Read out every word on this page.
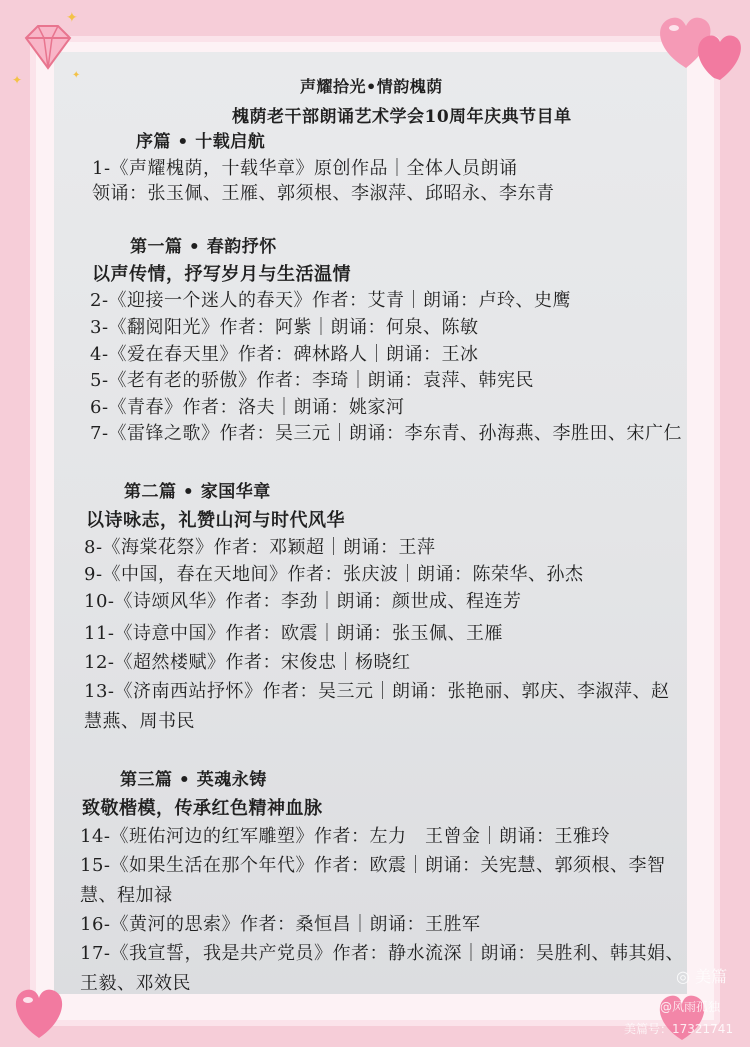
声耀拾光•情韵槐荫
槐荫老干部朗诵艺术学会10周年庆典节目单
序篇 • 十载启航
1-《声耀槐荫，十载华章》原创作品｜全体人员朗诵
领诵：张玉佩、王雁、郭须根、李淑萍、邱昭永、李东青
第一篇 • 春韵抒怀
以声传情，抒写岁月与生活温情
2-《迎接一个迷人的春天》作者：艾青｜朗诵：卢玲、史鹰
3-《翻阅阳光》作者：阿紫｜朗诵：何泉、陈敏
4-《爱在春天里》作者：碑林路人｜朗诵：王冰
5-《老有老的骄傲》作者：李琦｜朗诵：袁萍、韩宪民
6-《青春》作者：洛夫｜朗诵：姚家河
7-《雷锋之歌》作者：吴三元｜朗诵：李东青、孙海燕、李胜田、宋广仁
第二篇 • 家国华章
以诗咏志，礼赞山河与时代风华
8-《海棠花祭》作者：邓颖超｜朗诵：王萍
9-《中国，春在天地间》作者：张庆波｜朗诵：陈荣华、孙杰
10-《诗颂风华》作者：李劲｜朗诵：颜世成、程连芳
11-《诗意中国》作者：欧震｜朗诵：张玉佩、王雁
12-《超然楼赋》作者：宋俊忠｜杨晓红
13-《济南西站抒怀》作者：吴三元｜朗诵：张艳丽、郭庆、李淑萍、赵
慧燕、周书民
第三篇 • 英魂永铸
致敬楷模，传承红色精神血脉
14-《班佑河边的红军雕塑》作者：左力　王曾金｜朗诵：王雅玲
15-《如果生活在那个年代》作者：欧震｜朗诵：关宪慧、郭须根、李智
慧、程加禄
16-《黄河的思索》作者：桑恒昌｜朗诵：王胜军
17-《我宣誓，我是共产党员》作者：静水流深｜朗诵：吴胜利、韩其娟、
王毅、邓效民
✦
✦	✦
◎ 美篇
@风雨孤独
美篇号：17321741
